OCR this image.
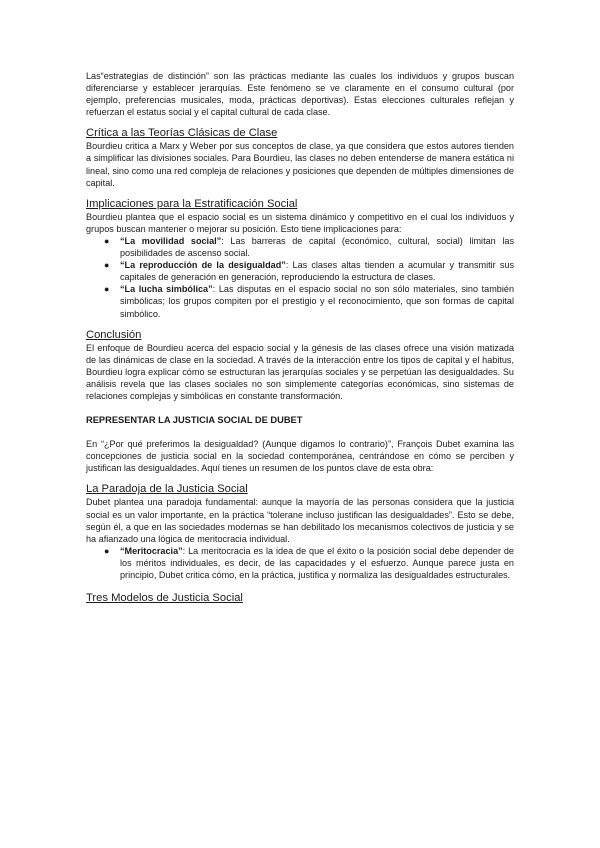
Las“estrategias de distinción” son las prácticas mediante las cuales los individuos y grupos buscan diferenciarse y establecer jerarquías. Este fenómeno se ve claramente en el consumo cultural (por ejemplo, preferencias musicales, moda, prácticas deportivas). Estas elecciones culturales reflejan y refuerzan el estatus social y el capital cultural de cada clase.

Crítica a las Teorías Clásicas de Clase

Bourdieu critica a Marx y Weber por sus conceptos de clase, ya que considera que estos autores tienden a simplificar las divisiones sociales. Para Bourdieu, las clases no deben entenderse de manera estática ni lineal, sino como una red compleja de relaciones y posiciones que dependen de múltiples dimensiones de capital.

Implicaciones para la Estratificación Social

Bourdieu plantea que el espacio social es un sistema dinámico y competitivo en el cual los individuos y grupos buscan mantener o mejorar su posición. Esto tiene implicaciones para:

● “La movilidad social”: Las barreras de capital (económico, cultural, social) limitan las posibilidades de ascenso social.
● “La reproducción de la desigualdad”: Las clases altas tienden a acumular y transmitir sus capitales de generación en generación, reproduciendo la estructura de clases.
● “La lucha simbólica”: Las disputas en el espacio social no son sólo materiales, sino también simbólicas; los grupos compiten por el prestigio y el reconocimiento, que son formas de capital simbólico.
Conclusión

El enfoque de Bourdieu acerca del espacio social y la génesis de las clases ofrece una visión matizada de las dinámicas de clase en la sociedad. A través de la interacción entre los tipos de capital y el habitus, Bourdieu logra explicar cómo se estructuran las jerarquías sociales y se perpetúan las desigualdades. Su análisis revela que las clases sociales no son simplemente categorías económicas, sino sistemas de relaciones complejas y simbólicas en constante transformación.

REPRESENTAR LA JUSTICIA SOCIAL DE DUBET

En “¿Por qué preferimos la desigualdad? (Aunque digamos lo contrario)”, François Dubet examina las concepciones de justicia social en la sociedad contemporánea, centrándose en cómo se perciben y justifican las desigualdades. Aquí tienes un resumen de los puntos clave de esta obra:

La Paradoja de la Justicia Social

Dubet plantea una paradoja fundamental: aunque la mayoría de las personas considera que la justicia social es un valor importante, en la práctica “tolerane incluso justifican las desigualdades”. Esto se debe, según él, a que en las sociedades modernas se han debilitado los mecanismos colectivos de justicia y se ha afianzado una lógica de meritocracia individual.

● “Meritocracia”: La meritocracia es la idea de que el éxito o la posición social debe depender de los méritos individuales, es decir, de las capacidades y el esfuerzo. Aunque parece justa en principio, Dubet critica cómo, en la práctica, justifica y normaliza las desigualdades estructurales.
Tres Modelos de Justicia Social
